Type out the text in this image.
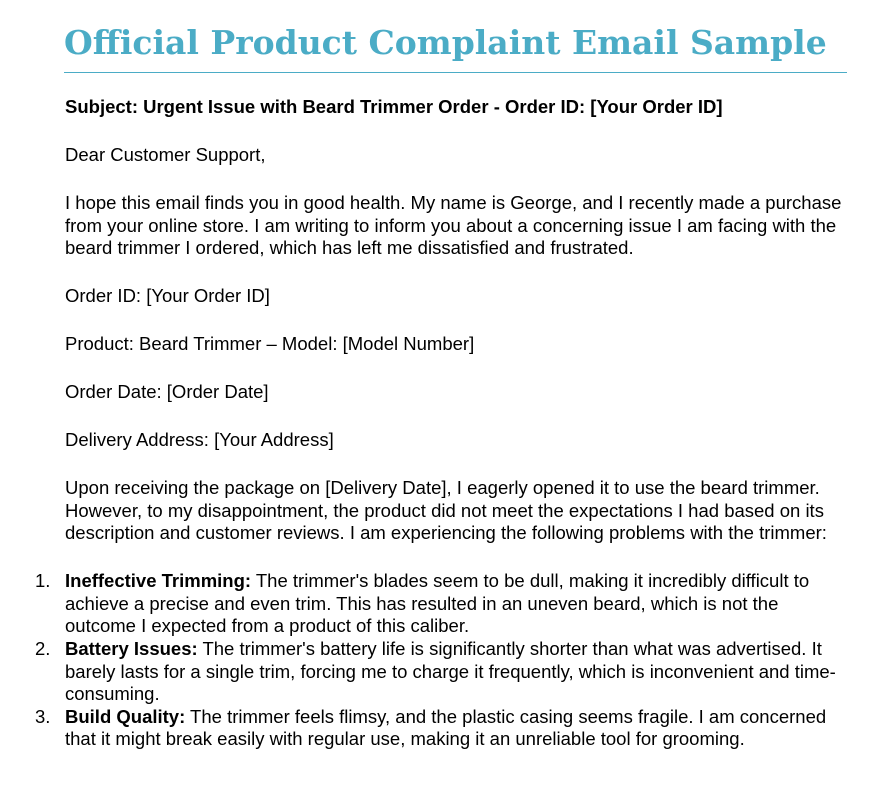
Official Product Complaint Email Sample

Subject: Urgent Issue with Beard Trimmer Order - Order ID: [Your Order ID]

Dear Customer Support,

I hope this email finds you in good health. My name is George, and I recently made a purchase from your online store. I am writing to inform you about a concerning issue I am facing with the beard trimmer I ordered, which has left me dissatisfied and frustrated.

Order ID: [Your Order ID]

Product: Beard Trimmer – Model: [Model Number]

Order Date: [Order Date]

Delivery Address: [Your Address]

Upon receiving the package on [Delivery Date], I eagerly opened it to use the beard trimmer. However, to my disappointment, the product did not meet the expectations I had based on its description and customer reviews. I am experiencing the following problems with the trimmer:

1. Ineffective Trimming: The trimmer's blades seem to be dull, making it incredibly difficult to achieve a precise and even trim. This has resulted in an uneven beard, which is not the outcome I expected from a product of this caliber.
2. Battery Issues: The trimmer's battery life is significantly shorter than what was advertised. It barely lasts for a single trim, forcing me to charge it frequently, which is inconvenient and time-consuming.
3. Build Quality: The trimmer feels flimsy, and the plastic casing seems fragile. I am concerned that it might break easily with regular use, making it an unreliable tool for grooming.
